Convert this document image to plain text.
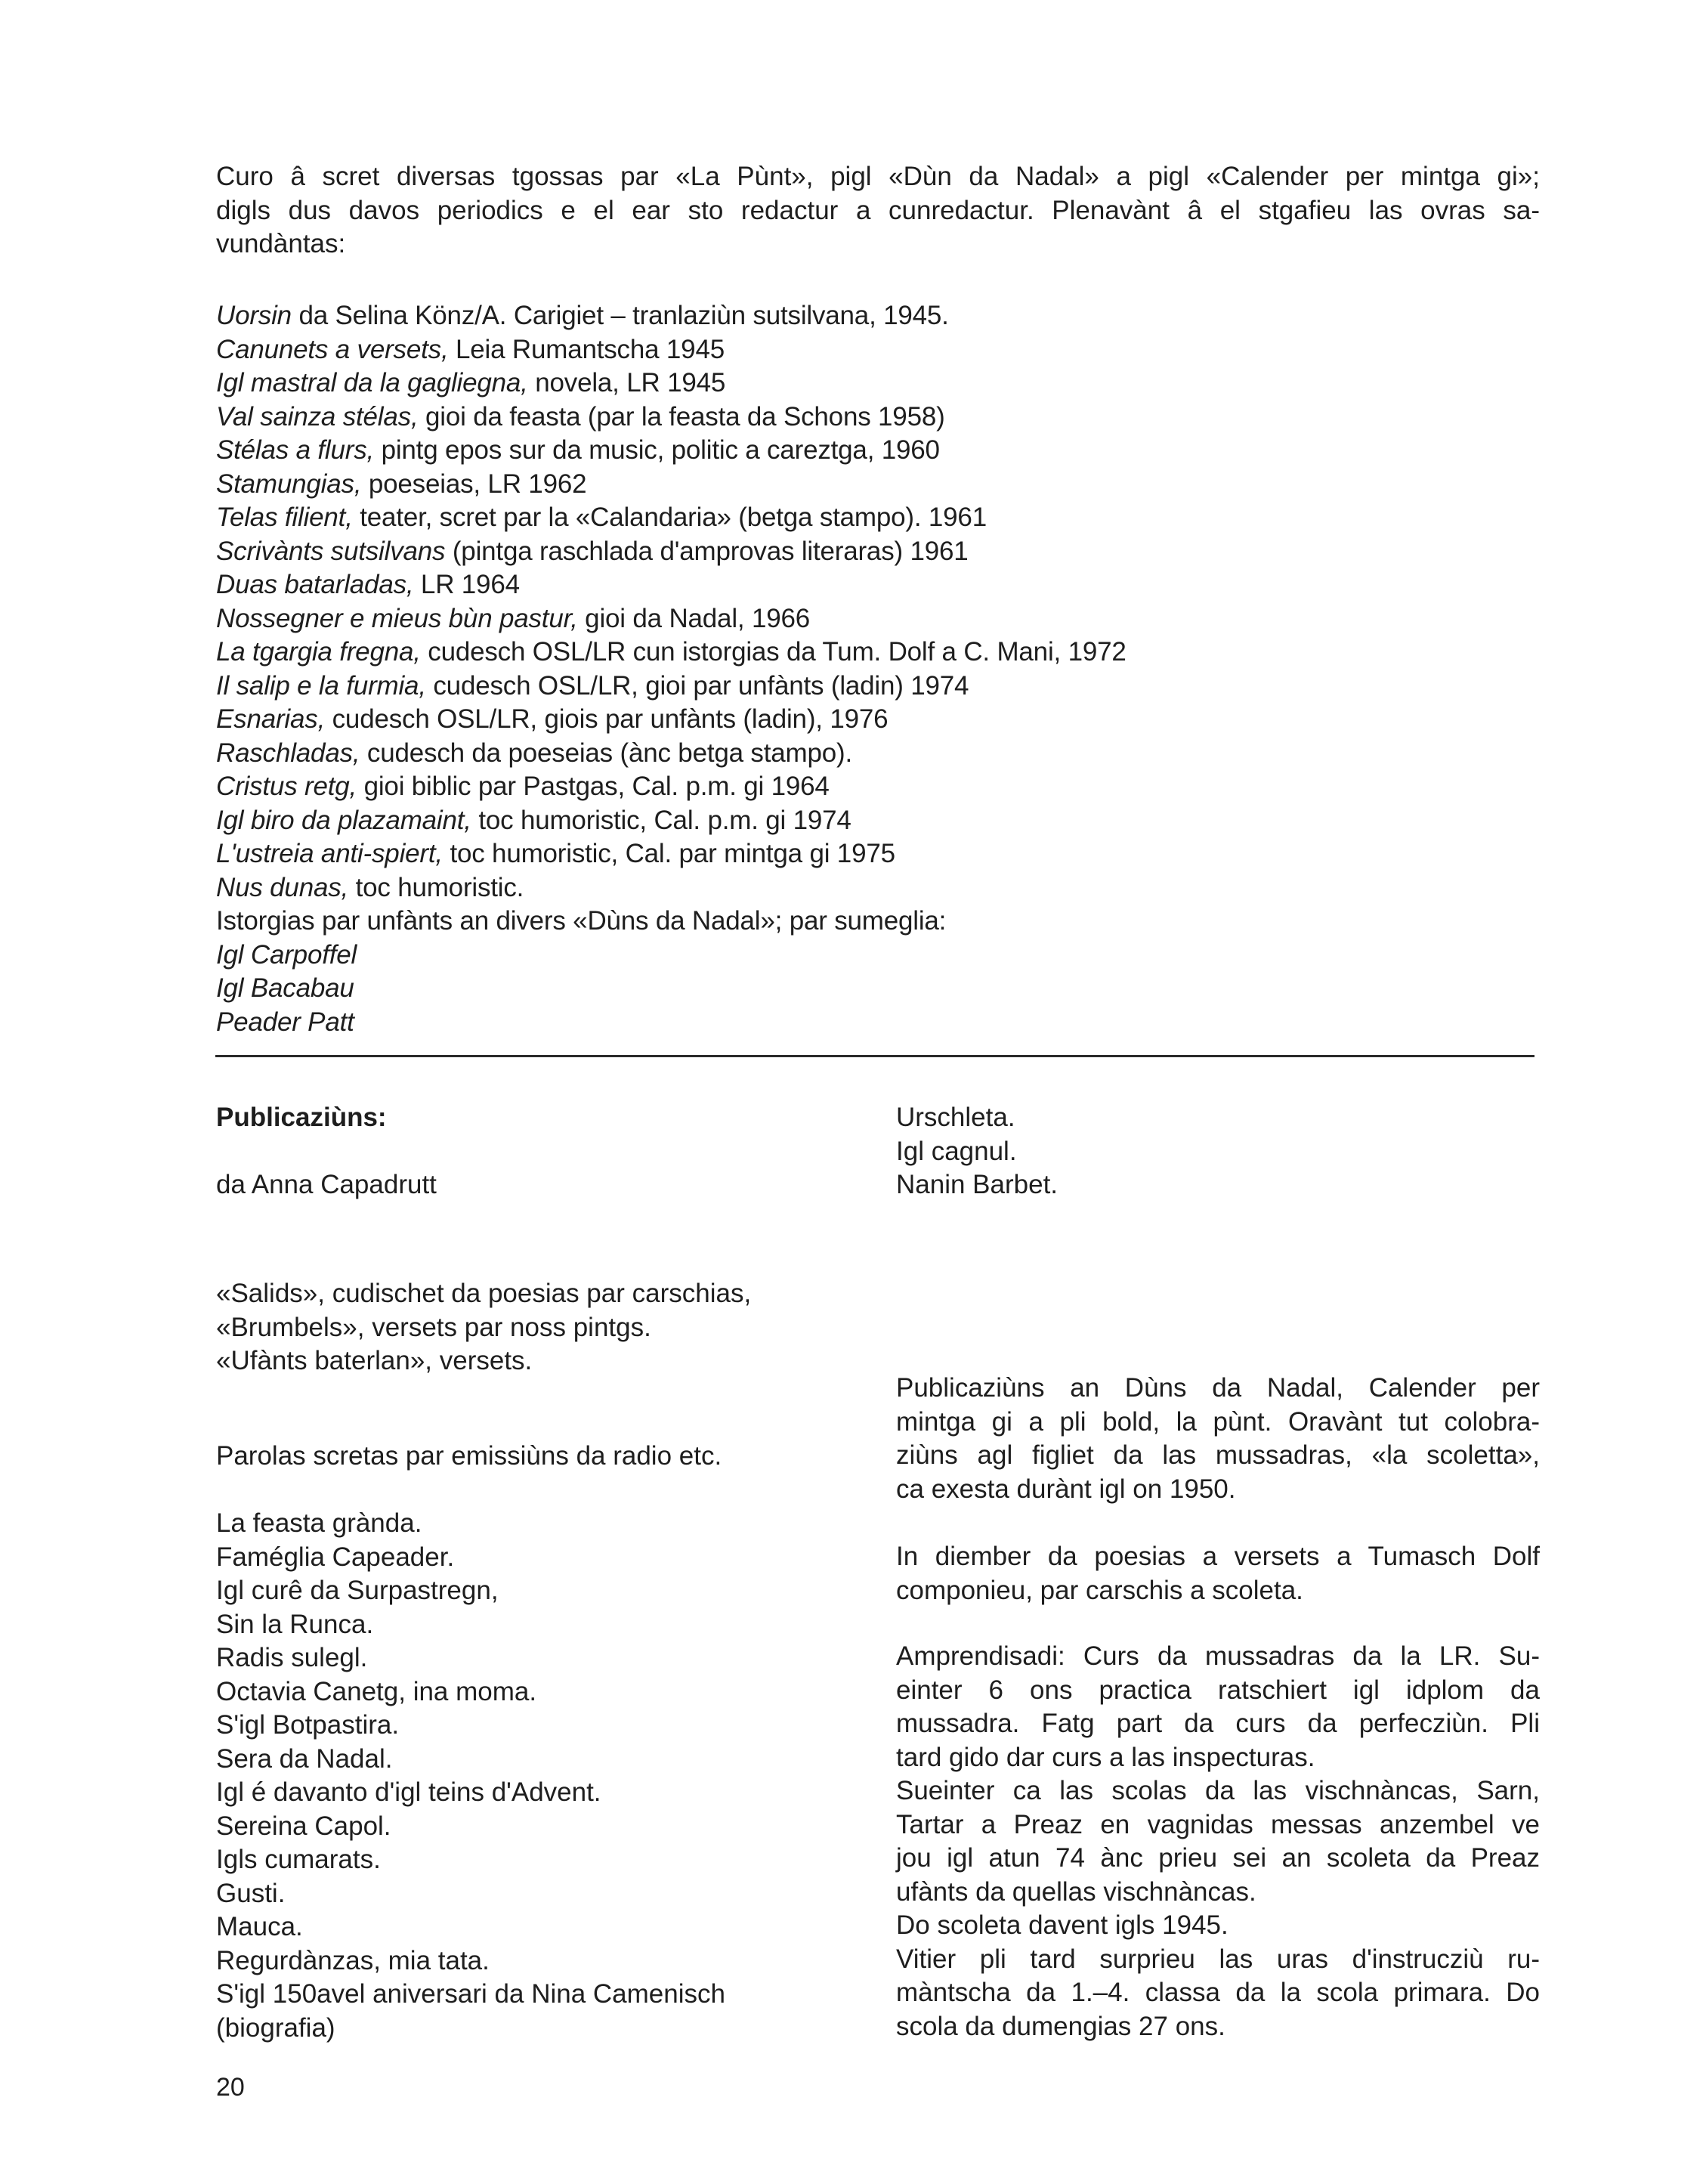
Curo â scret diversas tgossas par «La Pùnt», pigl «Dùn da Nadal» a pigl «Calender per mintga gi»;
digls dus davos periodics e el ear sto redactur a cunredactur. Plenavànt â el stgafieu las ovras sa-
vundàntas:
Uorsin da Selina Könz/A. Carigiet – tranlaziùn sutsilvana, 1945.
Canunets a versets, Leia Rumantscha 1945
Igl mastral da la gagliegna, novela, LR 1945
Val sainza stélas, gioi da feasta (par la feasta da Schons 1958)
Stélas a flurs, pintg epos sur da music, politic a careztga, 1960
Stamungias, poeseias, LR 1962
Telas filient, teater, scret par la «Calandaria» (betga stampo). 1961
Scrivànts sutsilvans (pintga raschlada d'amprovas literaras) 1961
Duas batarladas, LR 1964
Nossegner e mieus bùn pastur, gioi da Nadal, 1966
La tgargia fregna, cudesch OSL/LR cun istorgias da Tum. Dolf a C. Mani, 1972
Il salip e la furmia, cudesch OSL/LR, gioi par unfànts (ladin) 1974
Esnarias, cudesch OSL/LR, giois par unfànts (ladin), 1976
Raschladas, cudesch da poeseias (ànc betga stampo).
Cristus retg, gioi biblic par Pastgas, Cal. p.m. gi 1964
Igl biro da plazamaint, toc humoristic, Cal. p.m. gi 1974
L'ustreia anti-spiert, toc humoristic, Cal. par mintga gi 1975
Nus dunas, toc humoristic.
Istorgias par unfànts an divers «Dùns da Nadal»; par sumeglia:
Igl Carpoffel
Igl Bacabau
Peader Patt
Publicaziùns:
da Anna Capadrutt
«Salids», cudischet da poesias par carschias,
«Brumbels», versets par noss pintgs.
«Ufànts baterlan», versets.
Parolas scretas par emissiùns da radio etc.
La feasta grànda.
Faméglia Capeader.
Igl curê da Surpastregn,
Sin la Runca.
Radis sulegl.
Octavia Canetg, ina moma.
S'igl Botpastira.
Sera da Nadal.
Igl é davanto d'igl teins d'Advent.
Sereina Capol.
Igls cumarats.
Gusti.
Mauca.
Regurdànzas, mia tata.
S'igl 150avel aniversari da Nina Camenisch
(biografia)
Urschleta.
Igl cagnul.
Nanin Barbet.
Publicaziùns an Dùns da Nadal, Calender per
mintga gi a pli bold, la pùnt. Oravànt tut colobra-
ziùns agl figliet da las mussadras, «la scoletta»,
ca exesta durànt igl on 1950.
In diember da poesias a versets a Tumasch Dolf
componieu, par carschis a scoleta.
Amprendisadi: Curs da mussadras da la LR. Su-
einter 6 ons practica ratschiert igl idplom da
mussadra. Fatg part da curs da perfecziùn. Pli
tard gido dar curs a las inspecturas.
Sueinter ca las scolas da las vischnàncas, Sarn,
Tartar a Preaz en vagnidas messas anzembel ve
jou igl atun 74 ànc prieu sei an scoleta da Preaz
ufànts da quellas vischnàncas.
Do scoleta davent igls 1945.
Vitier pli tard surprieu las uras d'instrucziù ru-
màntscha da 1.–4. classa da la scola primara. Do
scola da dumengias 27 ons.
20
